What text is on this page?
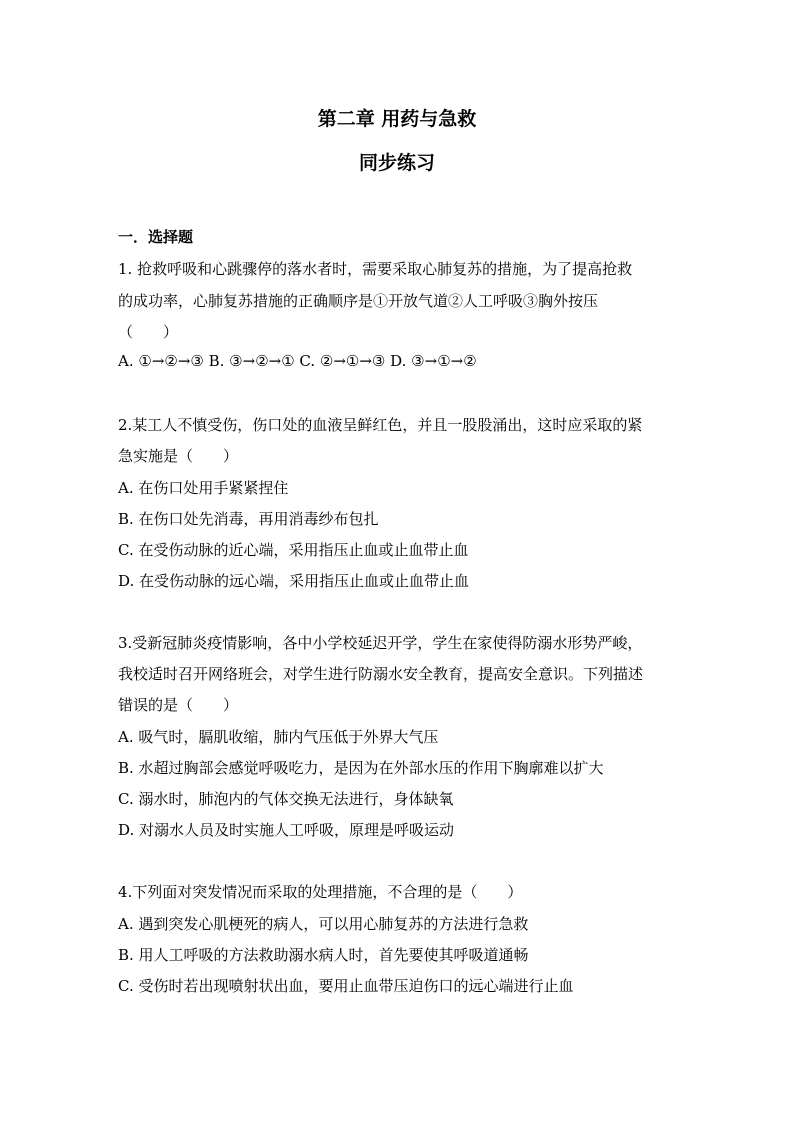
第二章 用药与急救
同步练习
一．选择题

1. 抢救呼吸和心跳骤停的落水者时，需要采取心肺复苏的措施，为了提高抢救

的成功率，心肺复苏措施的正确顺序是①开放气道②人工呼吸③胸外按压

（　　）

A. ①→②→③ B. ③→②→① C. ②→①→③ D. ③→①→②

2.某工人不慎受伤，伤口处的血液呈鲜红色，并且一股股涌出，这时应采取的紧

急实施是（　　）

A. 在伤口处用手紧紧捏住

B. 在伤口处先消毒，再用消毒纱布包扎

C. 在受伤动脉的近心端，采用指压止血或止血带止血

D. 在受伤动脉的远心端，采用指压止血或止血带止血

3.受新冠肺炎疫情影响，各中小学校延迟开学，学生在家使得防溺水形势严峻，

我校适时召开网络班会，对学生进行防溺水安全教育，提高安全意识。下列描述

错误的是（　　）

A. 吸气时，膈肌收缩，肺内气压低于外界大气压

B. 水超过胸部会感觉呼吸吃力，是因为在外部水压的作用下胸廓难以扩大

C. 溺水时，肺泡内的气体交换无法进行，身体缺氧

D. 对溺水人员及时实施人工呼吸，原理是呼吸运动

4.下列面对突发情况而采取的处理措施，不合理的是（　　）

A. 遇到突发心肌梗死的病人，可以用心肺复苏的方法进行急救

B. 用人工呼吸的方法救助溺水病人时，首先要使其呼吸道通畅

C. 受伤时若出现喷射状出血，要用止血带压迫伤口的远心端进行止血
